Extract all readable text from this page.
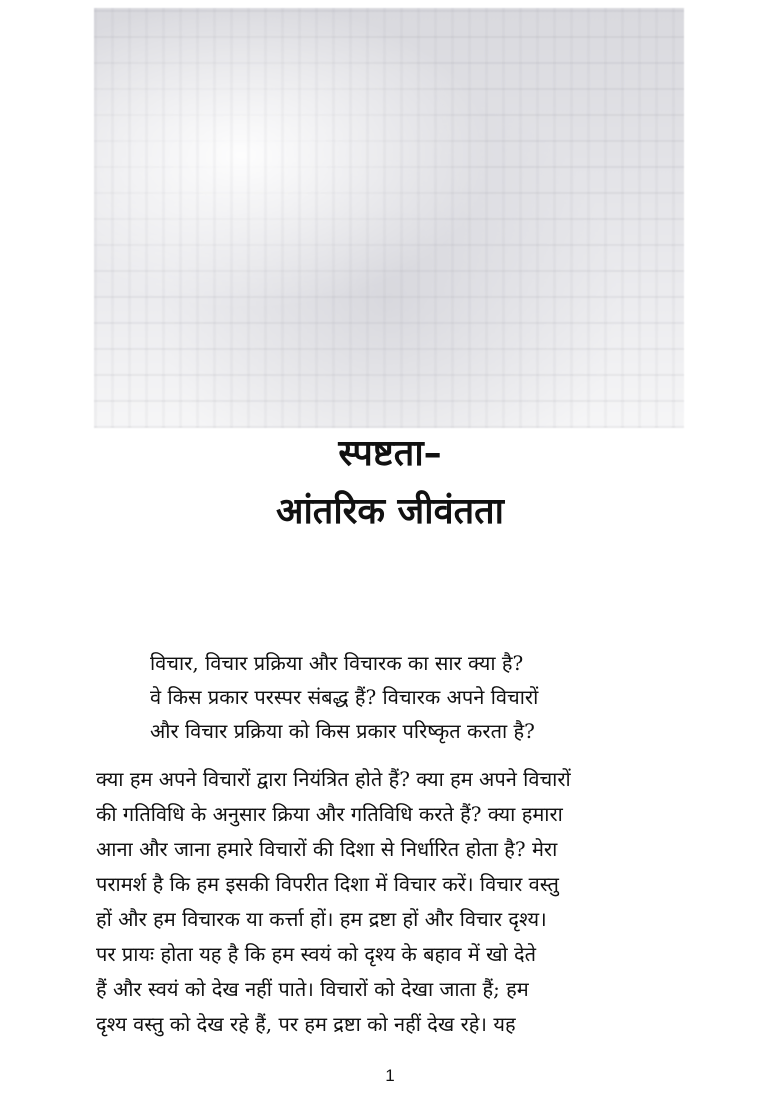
स्पष्टता–
आंतरिक जीवंतता
विचार, विचार प्रक्रिया और विचारक का सार क्या है?
वे किस प्रकार परस्पर संबद्ध हैं? विचारक अपने विचारों
और विचार प्रक्रिया को किस प्रकार परिष्कृत करता है?
क्या हम अपने विचारों द्वारा नियंत्रित होते हैं? क्या हम अपने विचारों
की गतिविधि के अनुसार क्रिया और गतिविधि करते हैं? क्या हमारा
आना और जाना हमारे विचारों की दिशा से निर्धारित होता है? मेरा
परामर्श है कि हम इसकी विपरीत दिशा में विचार करें। विचार वस्तु
हों और हम विचारक या कर्त्ता हों। हम द्रष्टा हों और विचार दृश्य।
पर प्रायः होता यह है कि हम स्वयं को दृश्य के बहाव में खो देते
हैं और स्वयं को देख नहीं पाते। विचारों को देखा जाता हैं; हम
दृश्य वस्तु को देख रहे हैं, पर हम द्रष्टा को नहीं देख रहे। यह
1
